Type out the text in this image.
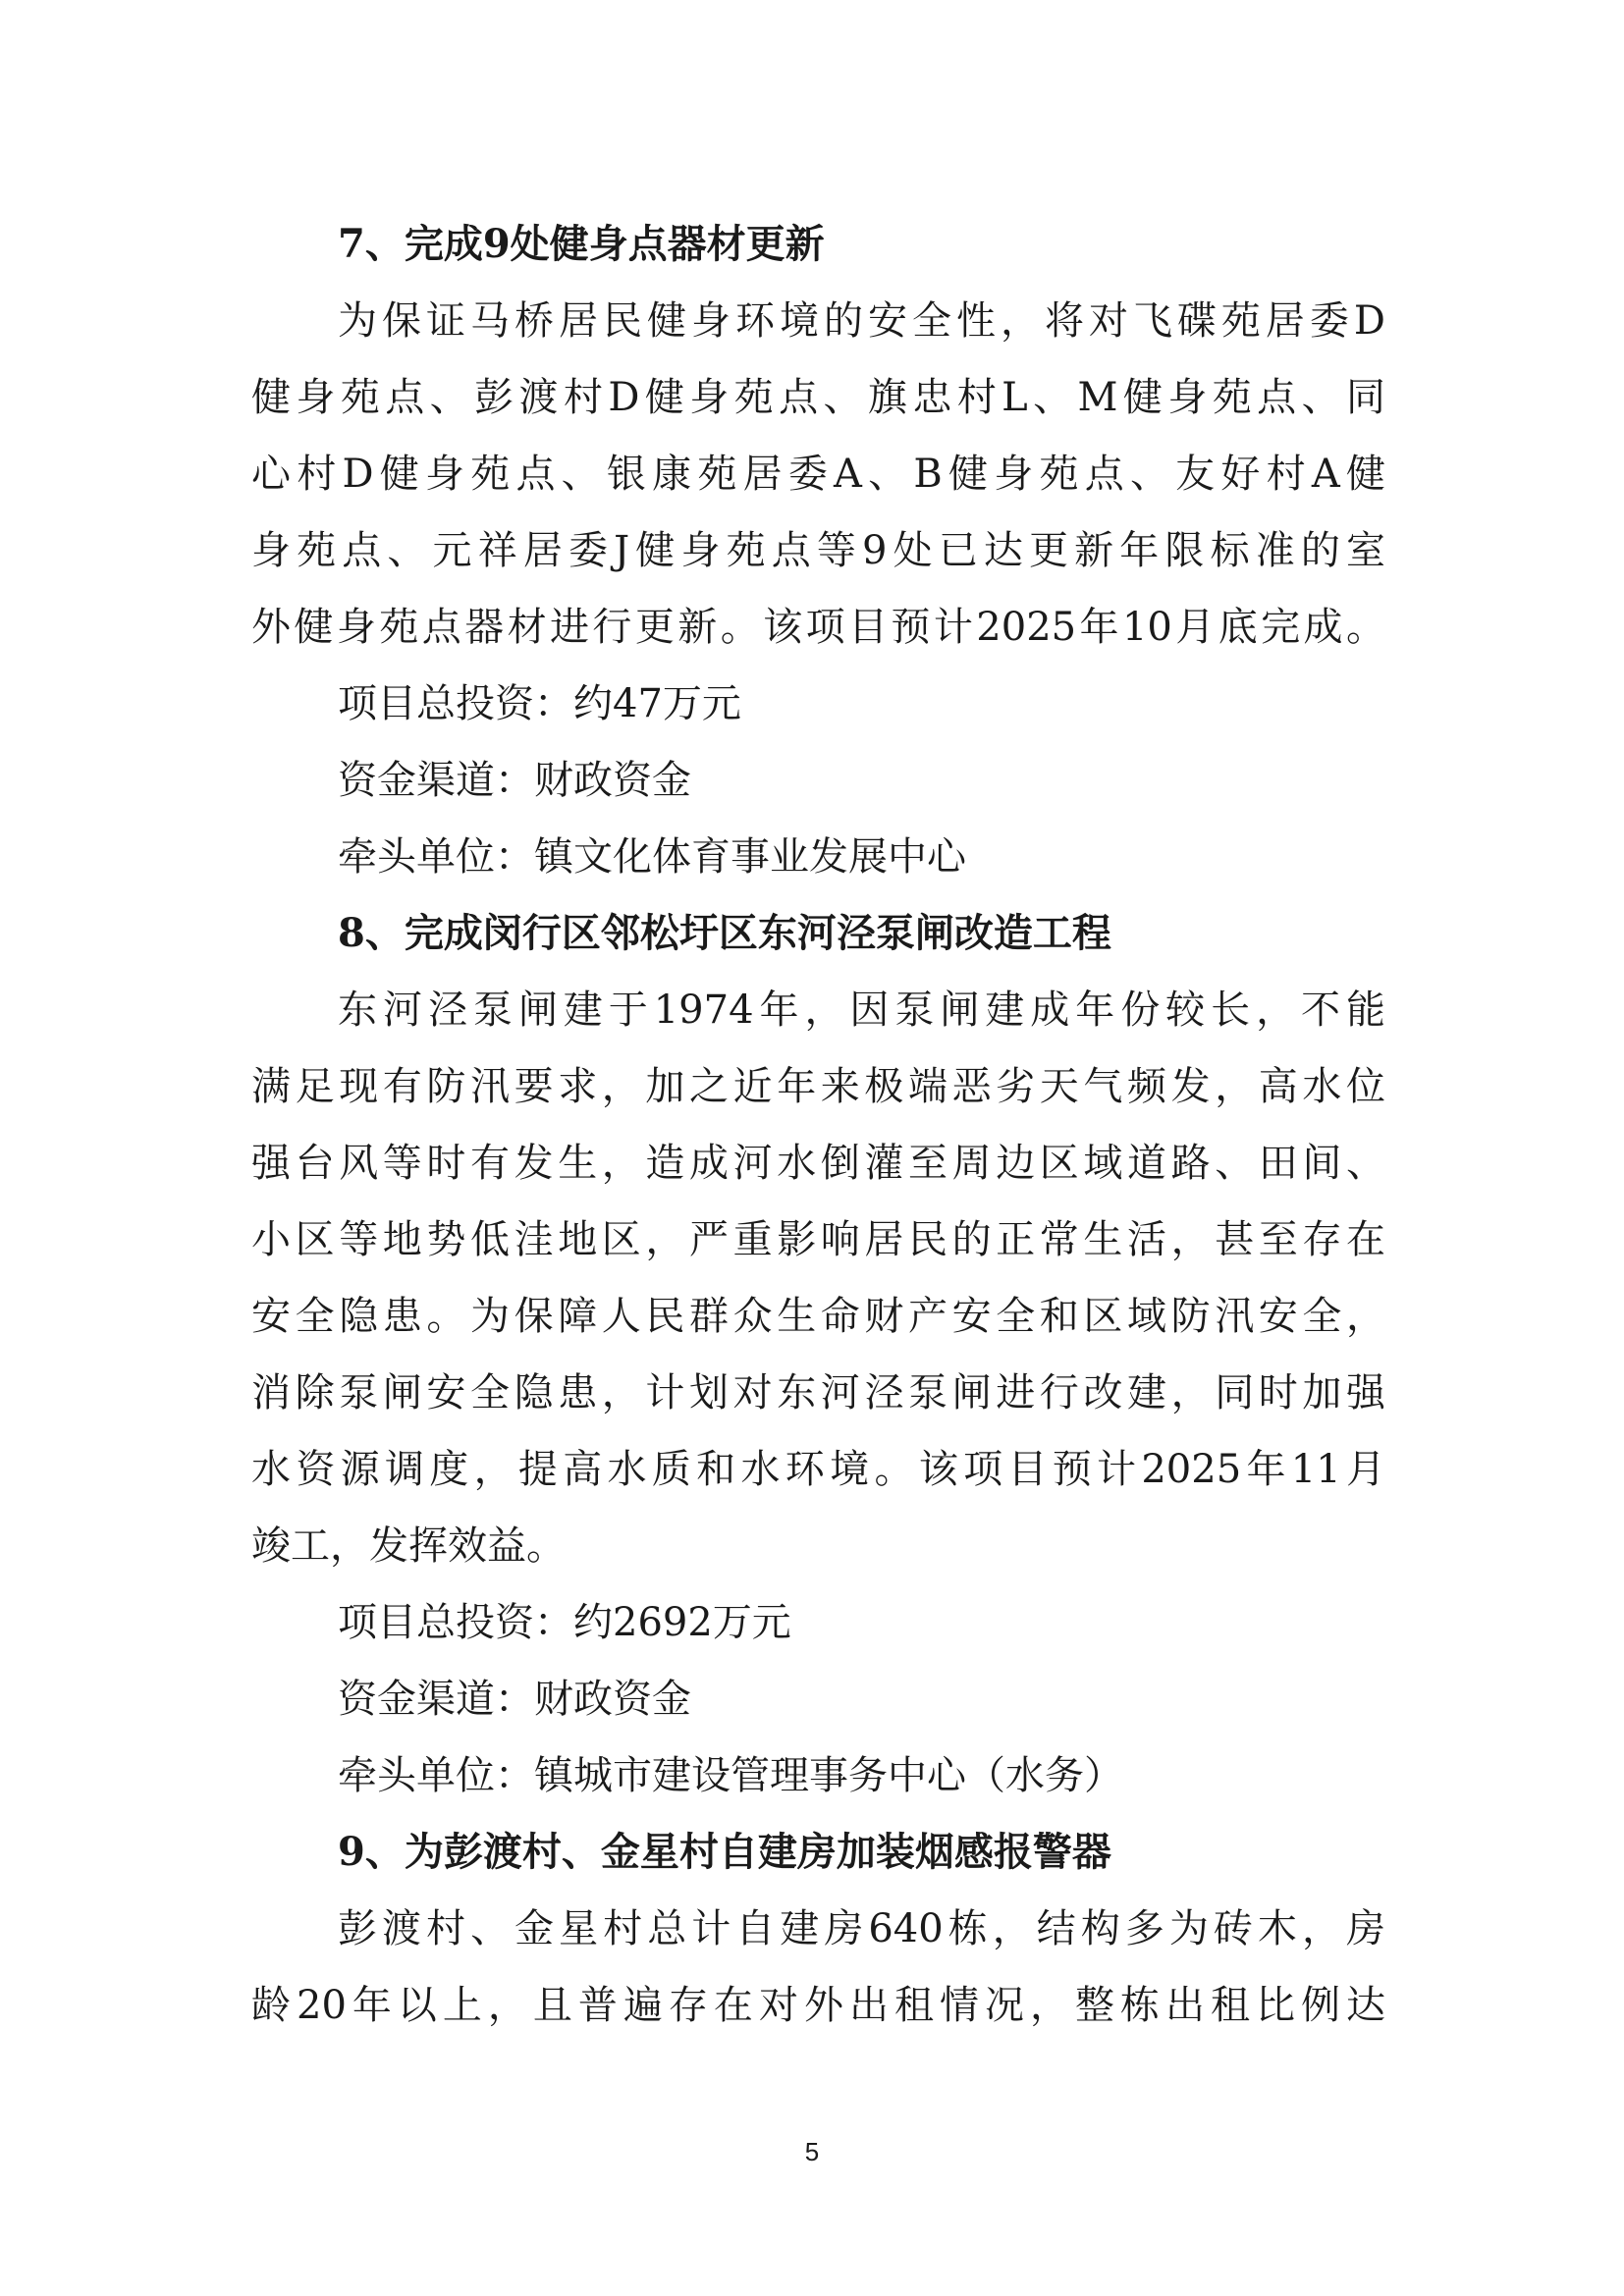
7、完成9处健身点器材更新
为保证马桥居民健身环境的安全性，将对飞碟苑居委D
健身苑点、彭渡村D健身苑点、旗忠村L、M健身苑点、同
心村D健身苑点、银康苑居委A、B健身苑点、友好村A健
身苑点、元祥居委J健身苑点等9处已达更新年限标准的室
外健身苑点器材进行更新。该项目预计2025年10月底完成。
项目总投资：约47万元
资金渠道：财政资金
牵头单位：镇文化体育事业发展中心
8、完成闵行区邻松圩区东河泾泵闸改造工程
东河泾泵闸建于1974年，因泵闸建成年份较长，不能
满足现有防汛要求，加之近年来极端恶劣天气频发，高水位
强台风等时有发生，造成河水倒灌至周边区域道路、田间、
小区等地势低洼地区，严重影响居民的正常生活，甚至存在
安全隐患。为保障人民群众生命财产安全和区域防汛安全，
消除泵闸安全隐患，计划对东河泾泵闸进行改建，同时加强
水资源调度，提高水质和水环境。该项目预计2025年11月
竣工，发挥效益。
项目总投资：约2692万元
资金渠道：财政资金
牵头单位：镇城市建设管理事务中心（水务）
9、为彭渡村、金星村自建房加装烟感报警器
彭渡村、金星村总计自建房640栋，结构多为砖木，房
龄20年以上，且普遍存在对外出租情况，整栋出租比例达
5
